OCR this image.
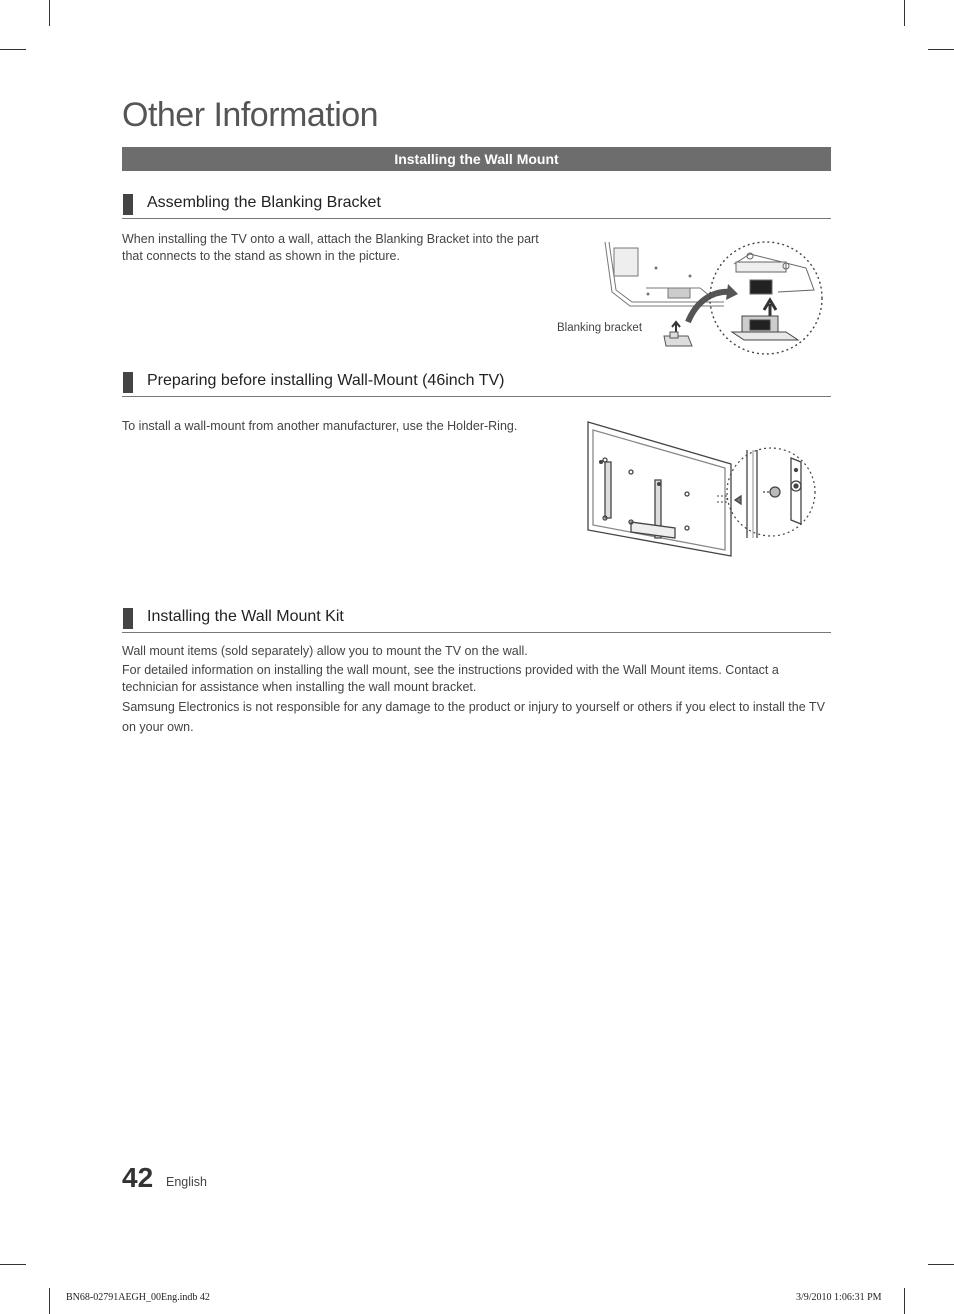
Other Information
Installing the Wall Mount
Assembling the Blanking Bracket
When installing the TV onto a wall, attach the Blanking Bracket into the part that connects to the stand as shown in the picture.
Blanking bracket
Preparing before installing Wall-Mount (46inch TV)
To install a wall-mount from another manufacturer, use the Holder-Ring.
Installing the Wall Mount Kit
Wall mount items (sold separately) allow you to mount the TV on the wall.
For detailed information on installing the wall mount, see the instructions provided with the Wall Mount items. Contact a technician for assistance when installing the wall mount bracket.
Samsung Electronics is not responsible for any damage to the product or injury to yourself or others if you elect to install the TV on your own.
42 English
BN68-02791AEGH_00Eng.indb 42	3/9/2010 1:06:31 PM
